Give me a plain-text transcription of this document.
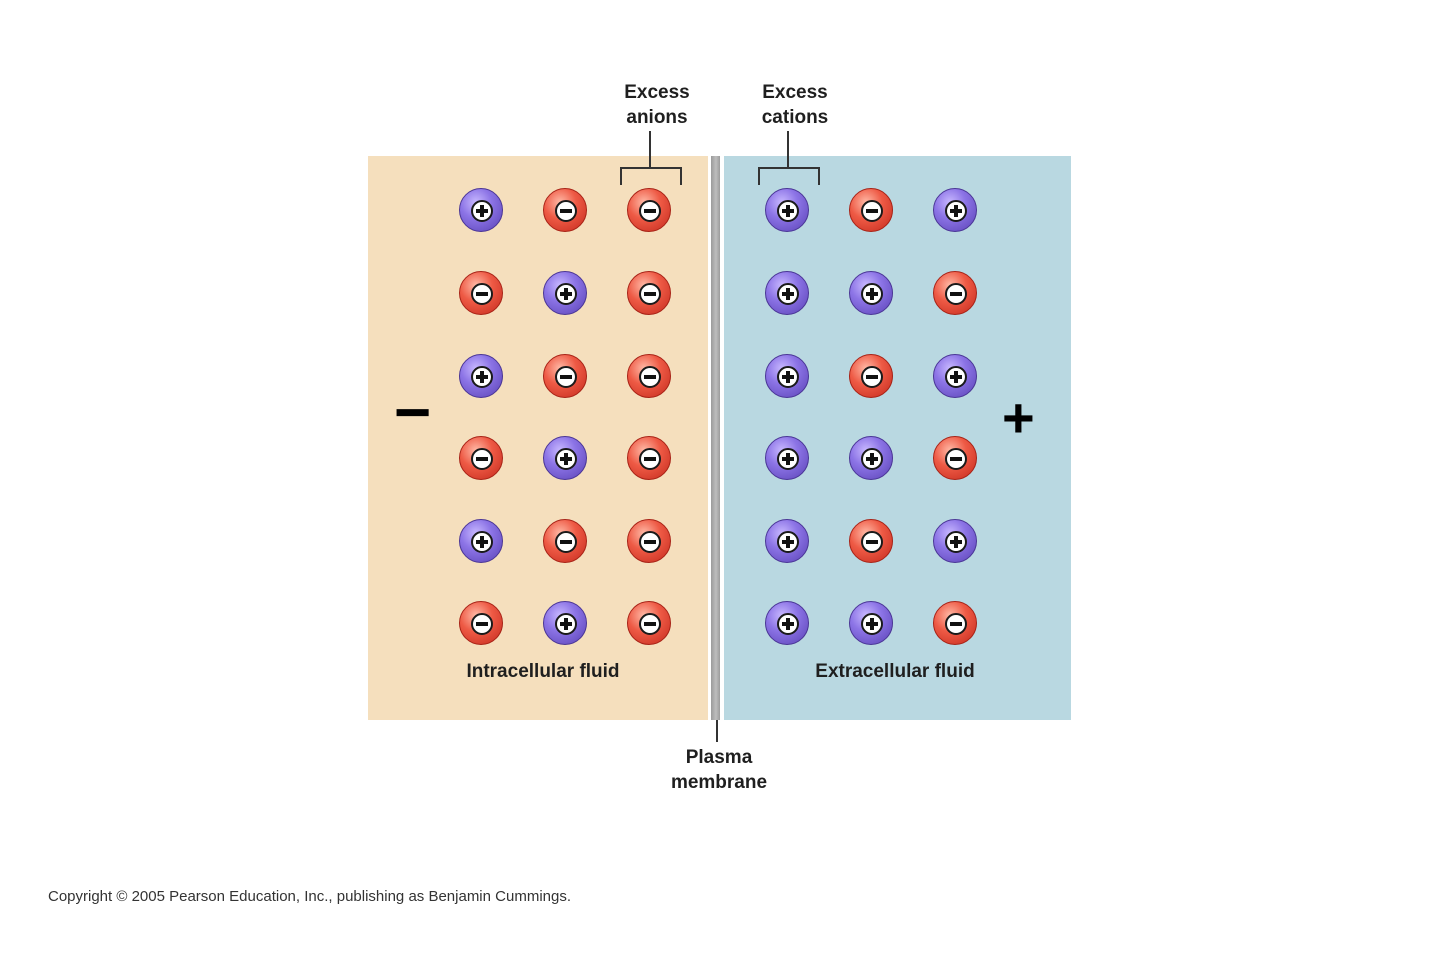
Excess
anions
Excess
cations
−	+
Intracellular fluid	Extracellular fluid
Plasma
membrane
Copyright © 2005 Pearson Education, Inc., publishing as Benjamin Cummings.
